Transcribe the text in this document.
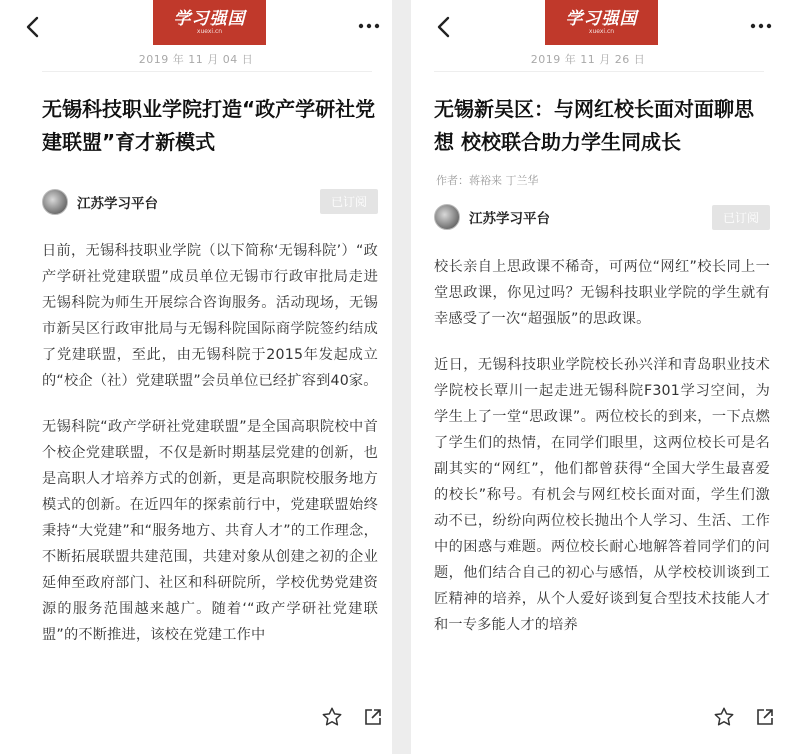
学习强国
xuexi.cn
2019 年 11 月 04 日
无锡科技职业学院打造“政产学研社党建联盟”育才新模式
江苏学习平台	已订阅

日前，无锡科技职业学院（以下简称‘无锡科院’）“政产学研社党建联盟”成员单位无锡市行政审批局走进无锡科院为师生开展综合咨询服务。活动现场，无锡市新吴区行政审批局与无锡科院国际商学院签约结成了党建联盟，至此，由无锡科院于2015年发起成立的“校企（社）党建联盟”会员单位已经扩容到40家。

无锡科院“政产学研社党建联盟”是全国高职院校中首个校企党建联盟，不仅是新时期基层党建的创新，也是高职人才培养方式的创新，更是高职院校服务地方模式的创新。在近四年的探索前行中，党建联盟始终秉持“大党建”和“服务地方、共育人才”的工作理念，不断拓展联盟共建范围，共建对象从创建之初的企业延伸至政府部门、社区和科研院所，学校优势党建资源的服务范围越来越广。随着‘“政产学研社党建联盟”的不断推进，该校在党建工作中

学习强国
xuexi.cn
2019 年 11 月 26 日
无锡新吴区：与网红校长面对面聊思想 校校联合助力学生同成长
作者：蒋裕来 丁兰华
江苏学习平台	已订阅

校长亲自上思政课不稀奇，可两位“网红”校长同上一堂思政课，你见过吗？无锡科技职业学院的学生就有幸感受了一次“超强版”的思政课。

近日，无锡科技职业学院校长孙兴洋和青岛职业技术学院校长覃川一起走进无锡科院F301学习空间，为学生上了一堂“思政课”。两位校长的到来，一下点燃了学生们的热情，在同学们眼里，这两位校长可是名副其实的“网红”，他们都曾获得“全国大学生最喜爱的校长”称号。有机会与网红校长面对面，学生们激动不已，纷纷向两位校长抛出个人学习、生活、工作中的困惑与难题。两位校长耐心地解答着同学们的问题，他们结合自己的初心与感悟，从学校校训谈到工匠精神的培养，从个人爱好谈到复合型技术技能人才和一专多能人才的培养
